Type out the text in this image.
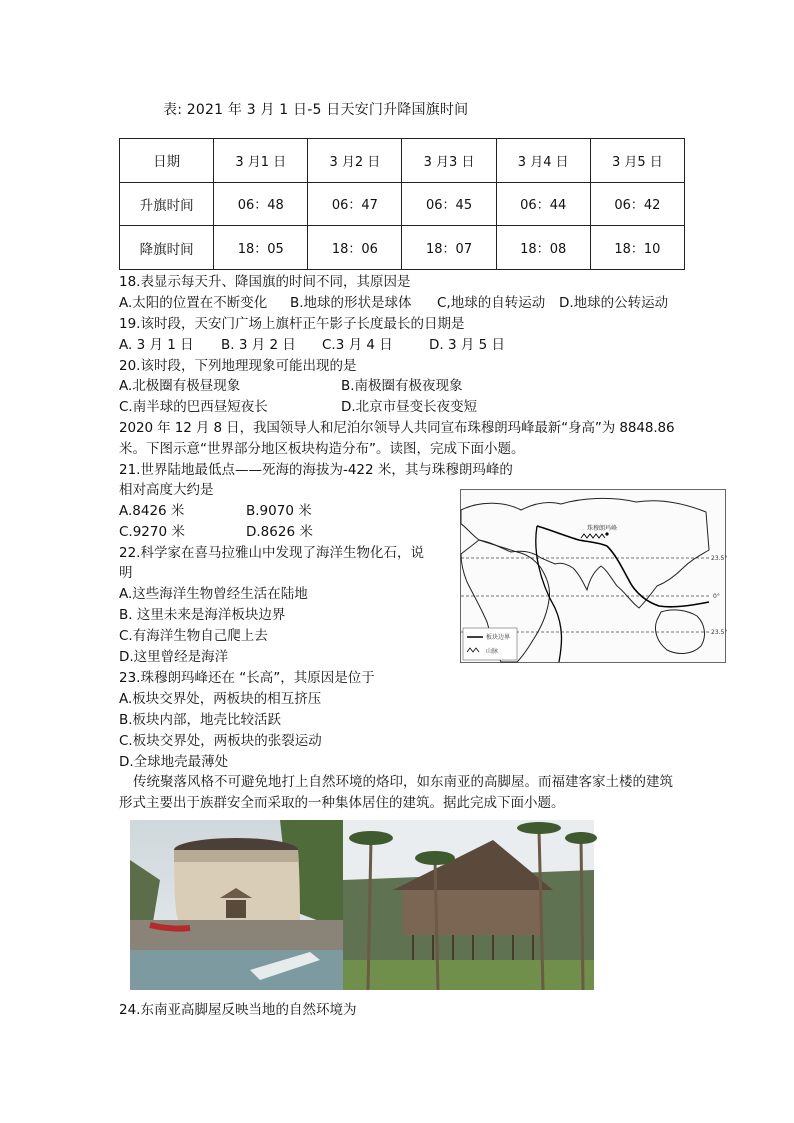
表: 2021 年 3 月 1 日-5 日天安门升降国旗时间
日期	3 月1 日	3 月2 日	3 月3 日	3 月4 日	3 月5 日
升旗时间	06：48	06：47	06：45	06：44	06：42
降旗时间	18：05	18：06	18：07	18：08	18：10
18.表显示每天升、降国旗的时间不同，其原因是
A.太阳的位置在不断变化 B.地球的形状是球体 C,地球的自转运动 D.地球的公转运动
19.该时段，天安门广场上旗杆正午影子长度最长的日期是
A. 3 月 1 日 B. 3 月 2 日 C.3 月 4 日	D. 3 月 5 日
20.该时段，下列地理现象可能出现的是
A.北极圈有极昼现象	B.南极圈有极夜现象
C.南半球的巴西昼短夜长	D.北京市昼变长夜变短
2020 年 12 月 8 日，我国领导人和尼泊尔领导人共同宣布珠穆朗玛峰最新“身高”为 8848.86
米。下图示意“世界部分地区板块构造分布”。读图，完成下面小题。
21.世界陆地最低点——死海的海拔为-422 米，其与珠穆朗玛峰的
相对高度大约是
A.8426 米	B.9070 米
C.9270 米	D.8626 米
22.科学家在喜马拉雅山中发现了海洋生物化石，说
明
A.这些海洋生物曾经生活在陆地
B. 这里未来是海洋板块边界
C.有海洋生物自己爬上去
D.这里曾经是海洋
23.珠穆朗玛峰还在 “长高”，其原因是位于
A.板块交界处，两板块的相互挤压
B.板块内部，地壳比较活跃
C.板块交界处，两板块的张裂运动
D.全球地壳最薄处
传统聚落风格不可避免地打上自然环境的烙印，如东南亚的高脚屋。而福建客家土楼的建筑形式主要出于族群安全而采取的一种集体居住的建筑。据此完成下面小题。
珠穆朗玛峰
23.5°
0°
23.5°
板块边界
山脉
24.东南亚高脚屋反映当地的自然环境为
